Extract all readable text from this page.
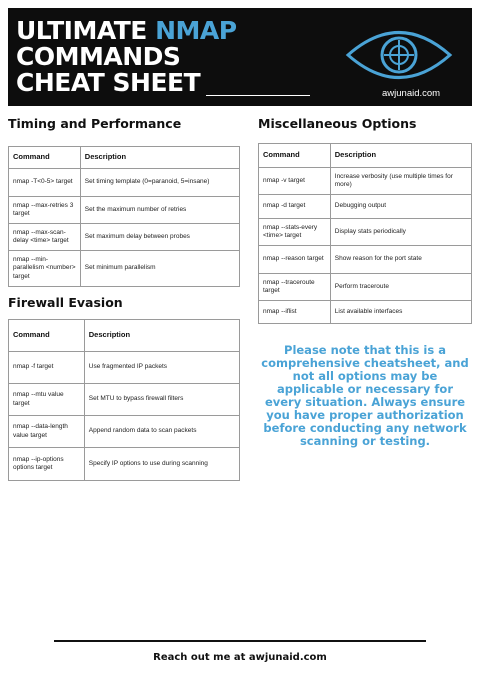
ULTIMATE NMAP
COMMANDS
CHEAT SHEET	awjunaid.com
Timing and Performance
Command	Description
nmap -T<0-5> target	Set timing template (0=paranoid, 5=insane)
nmap --max-retries 3 target	Set the maximum number of retries
nmap --max-scan-delay <time> target	Set maximum delay between probes
nmap --min-parallelism <number> target	Set minimum parallelism
Firewall Evasion
Command	Description
nmap -f target	Use fragmented IP packets
nmap --mtu value target	Set MTU to bypass firewall filters
nmap --data-length value target	Append random data to scan packets
nmap --ip-options options target	Specify IP options to use during scanning
Miscellaneous Options
Command	Description
nmap -v target	Increase verbosity (use multiple times for more)
nmap -d target	Debugging output
nmap --stats-every <time> target	Display stats periodically
nmap --reason target	Show reason for the port state
nmap --traceroute target	Perform traceroute
nmap --iflist	List available interfaces
Please note that this is a comprehensive cheatsheet, and not all options may be applicable or necessary for every situation. Always ensure you have proper authorization before conducting any network scanning or testing.
Reach out me at awjunaid.com
